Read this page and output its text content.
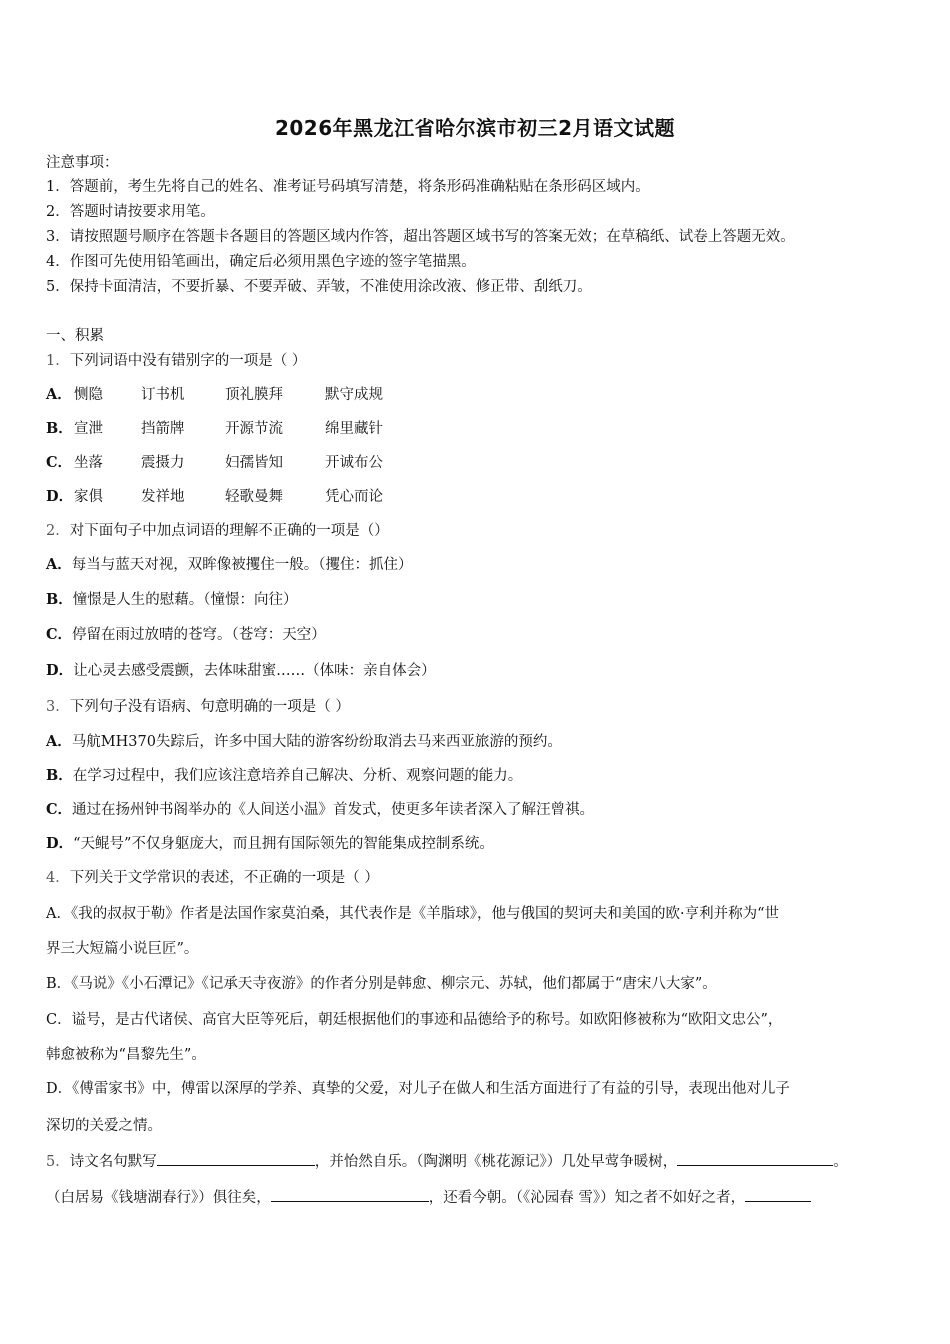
2026年黑龙江省哈尔滨市初三2月语文试题
注意事项：
1．答题前，考生先将自己的姓名、准考证号码填写清楚，将条形码准确粘贴在条形码区域内。
2．答题时请按要求用笔。
3．请按照题号顺序在答题卡各题目的答题区域内作答，超出答题区域书写的答案无效；在草稿纸、试卷上答题无效。
4．作图可先使用铅笔画出，确定后必须用黑色字迹的签字笔描黑。
5．保持卡面清洁，不要折暴、不要弄破、弄皱，不准使用涂改液、修正带、刮纸刀。
一、积累
1．下列词语中没有错别字的一项是（ ）
A． 恻隐	订书机	顶礼膜拜	默守成规
B．宣泄	挡箭牌	开源节流	绵里藏针
C． 坐落	震摄力	妇孺皆知	开诚布公
D．家俱	发祥地	轻歌曼舞	凭心而论
2．对下面句子中加点词语的理解不正确的一项是（）
A．每当与蓝天对视，双眸像被攫住一般。（攫住：抓住）
B．憧憬是人生的慰藉。（憧憬：向往）
C．停留在雨过放晴的苍穹。（苍穹：天空）
D．让心灵去感受震颤，去体味甜蜜……（体味：亲自体会）
3．下列句子没有语病、句意明确的一项是（ ）
A．马航MH370失踪后，许多中国大陆的游客纷纷取消去马来西亚旅游的预约。
B．在学习过程中，我们应该注意培养自己解决、分析、观察问题的能力。
C．通过在扬州钟书阁举办的《人间送小温》首发式，使更多年读者深入了解汪曾祺。
D．“天鲲号”不仅身躯庞大，而且拥有国际领先的智能集成控制系统。
4．下列关于文学常识的表述，不正确的一项是（ ）
A．《我的叔叔于勒》作者是法国作家莫泊桑，其代表作是《羊脂球》，他与俄国的契诃夫和美国的欧·亨利并称为“世
界三大短篇小说巨匠”。
B．《马说》《小石潭记》《记承天寺夜游》的作者分别是韩愈、柳宗元、苏轼，他们都属于“唐宋八大家”。
C．谥号，是古代诸侯、高官大臣等死后，朝廷根据他们的事迹和品德给予的称号。如欧阳修被称为“欧阳文忠公”，
韩愈被称为“昌黎先生”。
D．《傅雷家书》中，傅雷以深厚的学养、真挚的父爱，对儿子在做人和生活方面进行了有益的引导，表现出他对儿子
深切的关爱之情。
5．诗文名句默写	，并怡然自乐。（陶渊明《桃花源记》）几处早莺争暖树，	。
（白居易《钱塘湖春行》）俱往矣，	，还看今朝。（《沁园春 雪》）知之者不如好之者，
